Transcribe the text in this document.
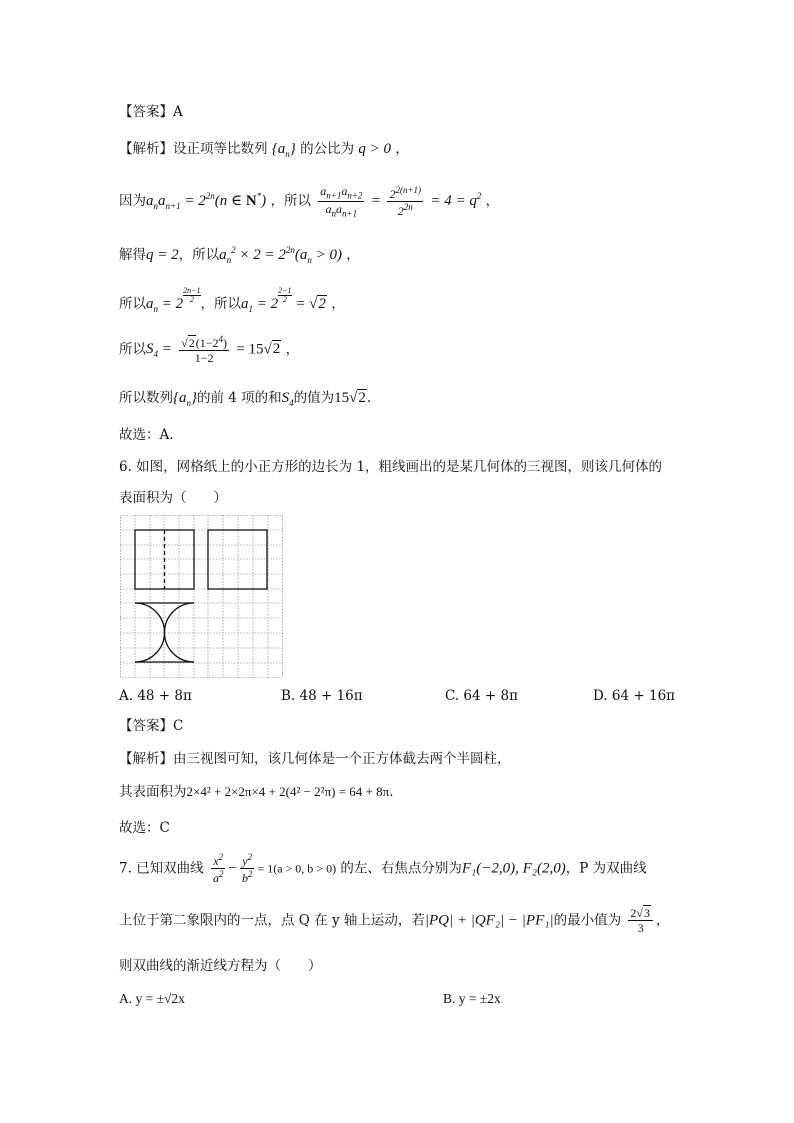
【答案】A
【解析】设正项等比数列 $\{a_n\}$ 的公比为 q > 0 ，
因为$a_na_{n+1} = 2^{2n}(n$ ∈ N*) ，所以 $\frac{a_{n+1}a_{n+2}}{a_na_{n+1}} = \frac{2^{2(n+1)}}{2^{2n}} = 4 = q^2$ ，
解得q = 2，所以$a_n^2 \times 2 = 2^{2n}(a_n > 0)$ ，
所以$a_n = 2 \frac{2n-1}{2}$，所以$a_1 = 2 \frac{2-1}{2} = √2$ ，
所以$S_4 = \frac{√2(1-2^4)}{1-2} = 15√2$ ，
所以数列$\{a_n\}$的前 4 项的和$S_4$的值为15√2.
故选：A.
6. 如图，网格纸上的小正方形的边长为 1，粗线画出的是某几何体的三视图，则该几何体的
表面积为（　　）
A. 48 + 8π	B. 48 + 16π	C. 64 + 8π	D. 64 + 16π
【答案】C
【解析】由三视图可知，该几何体是一个正方体截去两个半圆柱，
其表面积为2×4² + 2×2π×4 + 2(4² − 2²π) = 64 + 8π.
故选：C
7. 已知双曲线 $\frac{x^2}{a^2} - \frac{y^2}{b^2} = 1(a > 0$, b > 0) 的左、右焦点分别为F₁(−2,0), F₂(2,0)，P 为双曲线
上位于第二象限内的一点，点 Q 在 y 轴上运动，若|PQ| + |QF₂| − |PF₁|的最小值为 $\frac{2√3}{3}$ ，
则双曲线的渐近线方程为（　　）
A. y = ±√2x	B. y = ±2x
